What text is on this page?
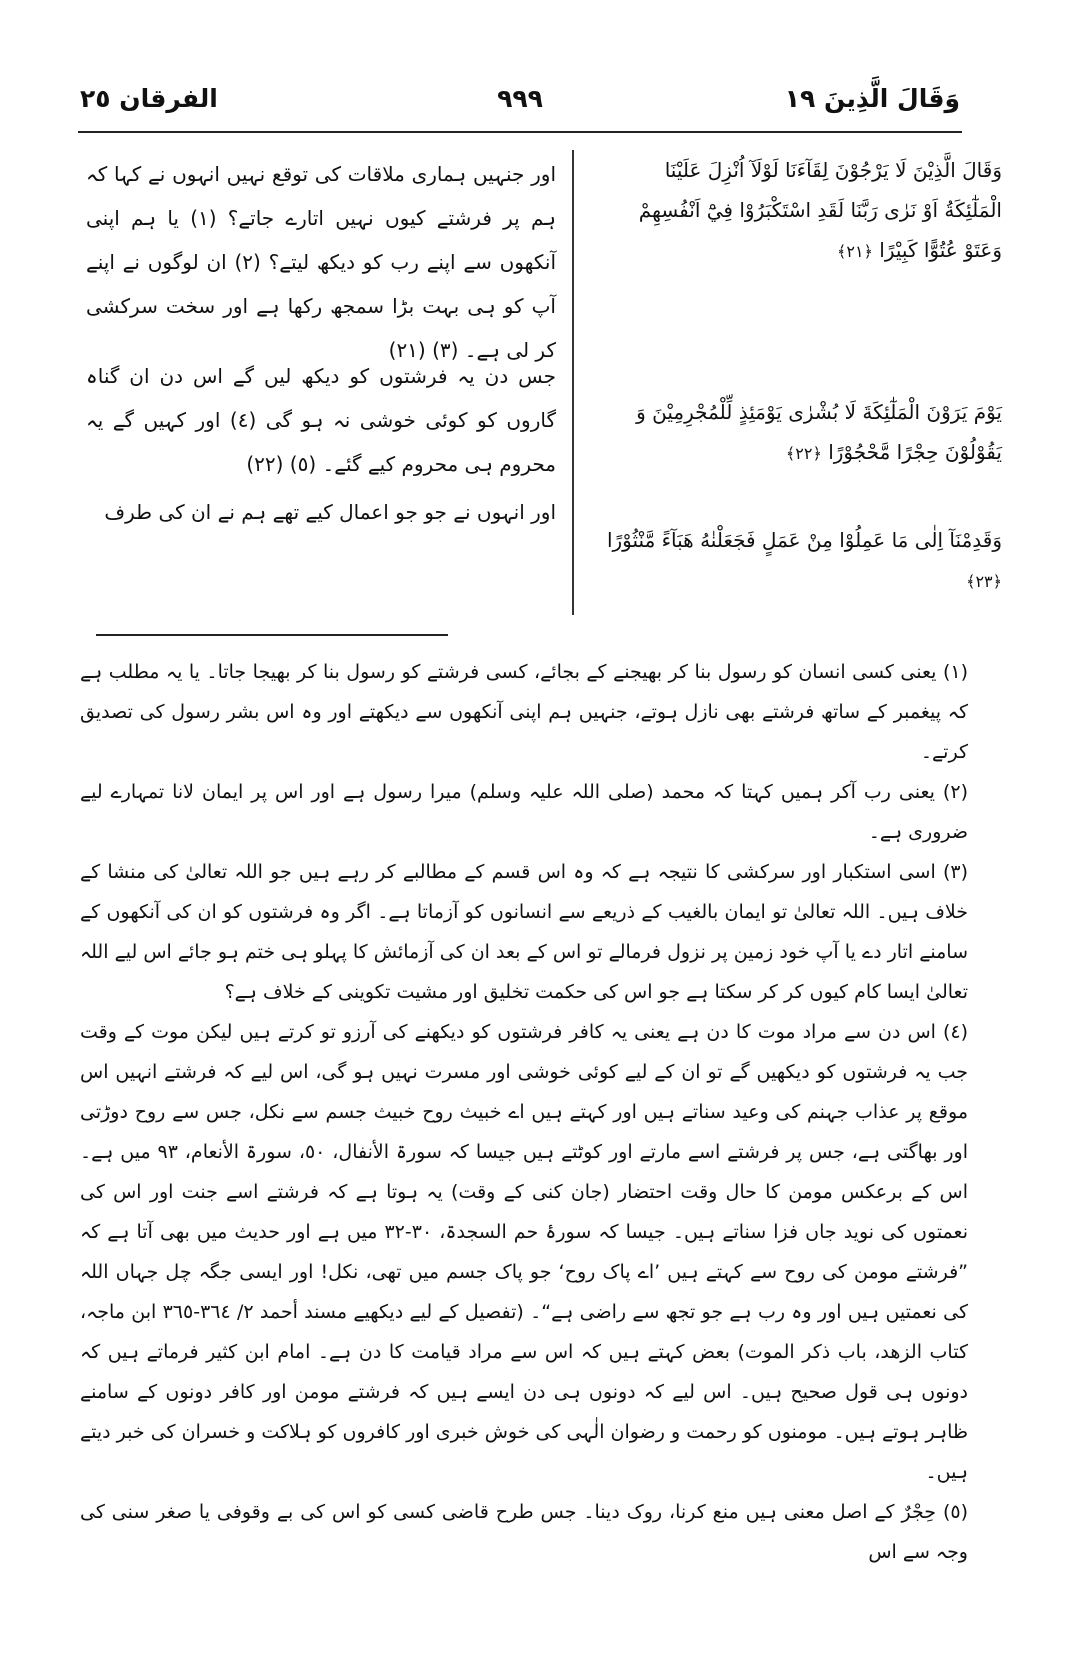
وَقَالَ الَّذِينَ ١٩
٩٩٩
الفرقان ٢٥
وَقَالَ الَّذِيْنَ لَا يَرْجُوْنَ لِقَآءَنَا لَوْلَآ اُنْزِلَ عَلَيْنَا
الْمَلٰٓئِكَةُ اَوْ نَرٰى رَبَّنَا لَقَدِ اسْتَكْبَرُوْا فِيْٓ اَنْفُسِهِمْ
وَعَتَوْ عُتُوًّا كَبِيْرًا ﴿٢١﴾
يَوْمَ يَرَوْنَ الْمَلٰٓئِكَةَ لَا بُشْرٰى يَوْمَئِذٍ لِّلْمُجْرِمِيْنَ وَ
يَقُوْلُوْنَ حِجْرًا مَّحْجُوْرًا ﴿٢٢﴾
وَقَدِمْنَآ اِلٰى مَا عَمِلُوْا مِنْ عَمَلٍ فَجَعَلْنٰهُ هَبَآءً مَّنْثُوْرًا ﴿٢٣﴾

اور جنہیں ہماری ملاقات کی توقع نہیں انہوں نے کہا کہ ہم پر فرشتے کیوں نہیں اتارے جاتے؟ (١) یا ہم اپنی آنکھوں سے اپنے رب کو دیکھ لیتے؟ (٢) ان لوگوں نے اپنے آپ کو ہی بہت بڑا سمجھ رکھا ہے اور سخت سرکشی کر لی ہے۔ (٣) (٢١)

جس دن یہ فرشتوں کو دیکھ لیں گے اس دن ان گناہ گاروں کو کوئی خوشی نہ ہو گی (٤) اور کہیں گے یہ محروم ہی محروم کیے گئے۔ (٥) (٢٢)

اور انہوں نے جو جو اعمال کیے تھے ہم نے ان کی طرف

(١) یعنی کسی انسان کو رسول بنا کر بھیجنے کے بجائے، کسی فرشتے کو رسول بنا کر بھیجا جاتا۔ یا یہ مطلب ہے کہ پیغمبر کے ساتھ فرشتے بھی نازل ہوتے، جنہیں ہم اپنی آنکھوں سے دیکھتے اور وہ اس بشر رسول کی تصدیق کرتے۔

(٢) یعنی رب آکر ہمیں کہتا کہ محمد (صلی اللہ علیہ وسلم) میرا رسول ہے اور اس پر ایمان لانا تمہارے لیے ضروری ہے۔

(٣) اسی استکبار اور سرکشی کا نتیجہ ہے کہ وہ اس قسم کے مطالبے کر رہے ہیں جو اللہ تعالیٰ کی منشا کے خلاف ہیں۔ اللہ تعالیٰ تو ایمان بالغیب کے ذریعے سے انسانوں کو آزماتا ہے۔ اگر وہ فرشتوں کو ان کی آنکھوں کے سامنے اتار دے یا آپ خود زمین پر نزول فرمالے تو اس کے بعد ان کی آزمائش کا پہلو ہی ختم ہو جائے اس لیے اللہ تعالیٰ ایسا کام کیوں کر کر سکتا ہے جو اس کی حکمت تخلیق اور مشیت تکوینی کے خلاف ہے؟

(٤) اس دن سے مراد موت کا دن ہے یعنی یہ کافر فرشتوں کو دیکھنے کی آرزو تو کرتے ہیں لیکن موت کے وقت جب یہ فرشتوں کو دیکھیں گے تو ان کے لیے کوئی خوشی اور مسرت نہیں ہو گی، اس لیے کہ فرشتے انہیں اس موقع پر عذاب جہنم کی وعید سناتے ہیں اور کہتے ہیں اے خبیث روح خبیث جسم سے نکل، جس سے روح دوڑتی اور بھاگتی ہے، جس پر فرشتے اسے مارتے اور کوٹتے ہیں جیسا کہ سورۃ الأنفال، ٥٠، سورۃ الأنعام، ٩٣ میں ہے۔ اس کے برعکس مومن کا حال وقت احتضار (جان کنی کے وقت) یہ ہوتا ہے کہ فرشتے اسے جنت اور اس کی نعمتوں کی نوید جاں فزا سناتے ہیں۔ جیسا کہ سورۂ حم السجدۃ، ٣٠-٣٢ میں ہے اور حدیث میں بھی آتا ہے کہ ”فرشتے مومن کی روح سے کہتے ہیں ’اے پاک روح‘ جو پاک جسم میں تھی، نکل! اور ایسی جگہ چل جہاں اللہ کی نعمتیں ہیں اور وہ رب ہے جو تجھ سے راضی ہے“۔ (تفصیل کے لیے دیکھیے مسند أحمد ٢/ ٣٦٤-٣٦٥ ابن ماجہ، کتاب الزھد، باب ذکر الموت) بعض کہتے ہیں کہ اس سے مراد قیامت کا دن ہے۔ امام ابن کثیر فرماتے ہیں کہ دونوں ہی قول صحیح ہیں۔ اس لیے کہ دونوں ہی دن ایسے ہیں کہ فرشتے مومن اور کافر دونوں کے سامنے ظاہر ہوتے ہیں۔ مومنوں کو رحمت و رضوان الٰہی کی خوش خبری اور کافروں کو ہلاکت و خسران کی خبر دیتے ہیں۔

(٥) حِجْرٌ کے اصل معنی ہیں منع کرنا، روک دینا۔ جس طرح قاضی کسی کو اس کی بے وقوفی یا صغر سنی کی وجہ سے اس
